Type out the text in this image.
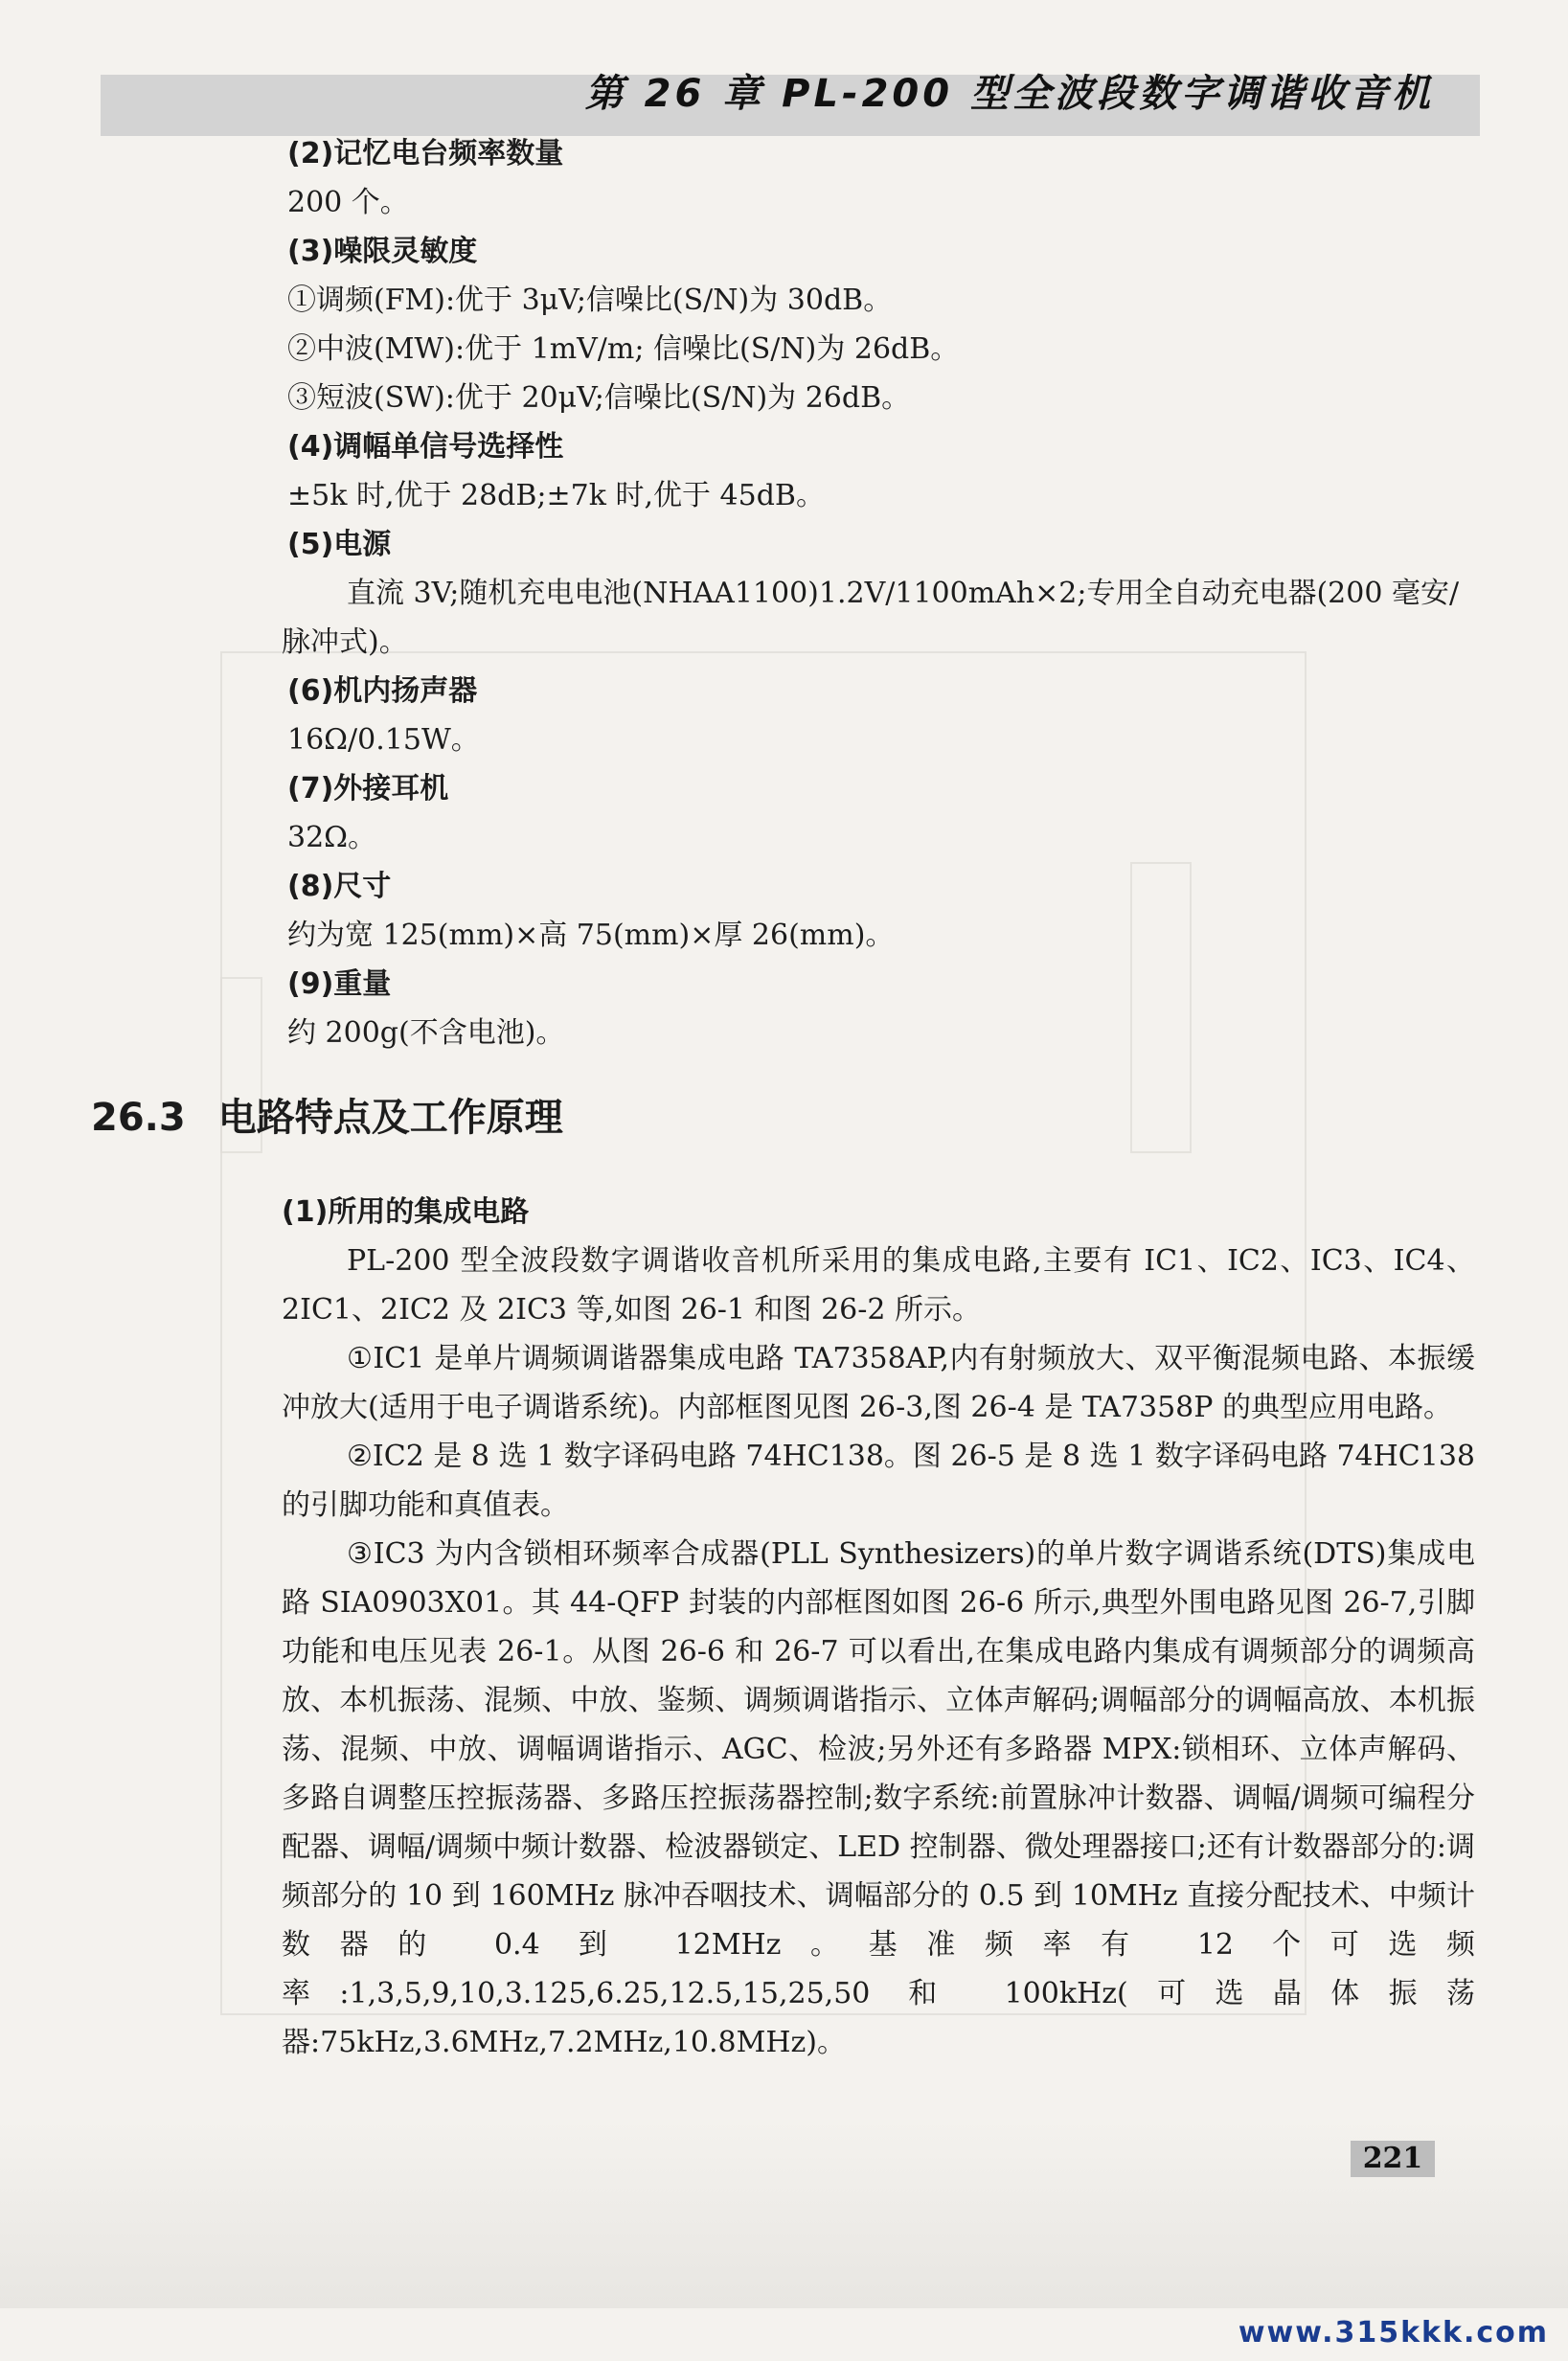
第 26 章 PL-200 型全波段数字调谐收音机
(2)记忆电台频率数量
200 个。
(3)噪限灵敏度
①调频(FM):优于 3μV;信噪比(S/N)为 30dB。
②中波(MW):优于 1mV/m; 信噪比(S/N)为 26dB。
③短波(SW):优于 20μV;信噪比(S/N)为 26dB。
(4)调幅单信号选择性
±5k 时,优于 28dB;±7k 时,优于 45dB。
(5)电源
直流 3V;随机充电电池(NHAA1100)1.2V/1100mAh×2;专用全自动充电器(200 毫安/脉冲式)。
(6)机内扬声器
16Ω/0.15W。
(7)外接耳机
32Ω。
(8)尺寸
约为宽 125(mm)×高 75(mm)×厚 26(mm)。
(9)重量
约 200g(不含电池)。
26.3 电路特点及工作原理
(1)所用的集成电路
PL-200 型全波段数字调谐收音机所采用的集成电路,主要有 IC1、IC2、IC3、IC4、2IC1、2IC2 及 2IC3 等,如图 26-1 和图 26-2 所示。
①IC1 是单片调频调谐器集成电路 TA7358AP,内有射频放大、双平衡混频电路、本振缓冲放大(适用于电子调谐系统)。内部框图见图 26-3,图 26-4 是 TA7358P 的典型应用电路。
②IC2 是 8 选 1 数字译码电路 74HC138。图 26-5 是 8 选 1 数字译码电路 74HC138 的引脚功能和真值表。
③IC3 为内含锁相环频率合成器(PLL Synthesizers)的单片数字调谐系统(DTS)集成电路 SIA0903X01。其 44-QFP 封装的内部框图如图 26-6 所示,典型外围电路见图 26-7,引脚功能和电压见表 26-1。从图 26-6 和 26-7 可以看出,在集成电路内集成有调频部分的调频高放、本机振荡、混频、中放、鉴频、调频调谐指示、立体声解码;调幅部分的调幅高放、本机振荡、混频、中放、调幅调谐指示、AGC、检波;另外还有多路器 MPX:锁相环、立体声解码、多路自调整压控振荡器、多路压控振荡器控制;数字系统:前置脉冲计数器、调幅/调频可编程分配器、调幅/调频中频计数器、检波器锁定、LED 控制器、微处理器接口;还有计数器部分的:调频部分的 10 到 160MHz 脉冲吞咽技术、调幅部分的 0.5 到 10MHz 直接分配技术、中频计数器的 0.4 到 12MHz。基准频率有 12 个可选频率:1,3,5,9,10,3.125,6.25,12.5,15,25,50 和 100kHz(可选晶体振荡器:75kHz,3.6MHz,7.2MHz,10.8MHz)。
221
www.315kkk.com
